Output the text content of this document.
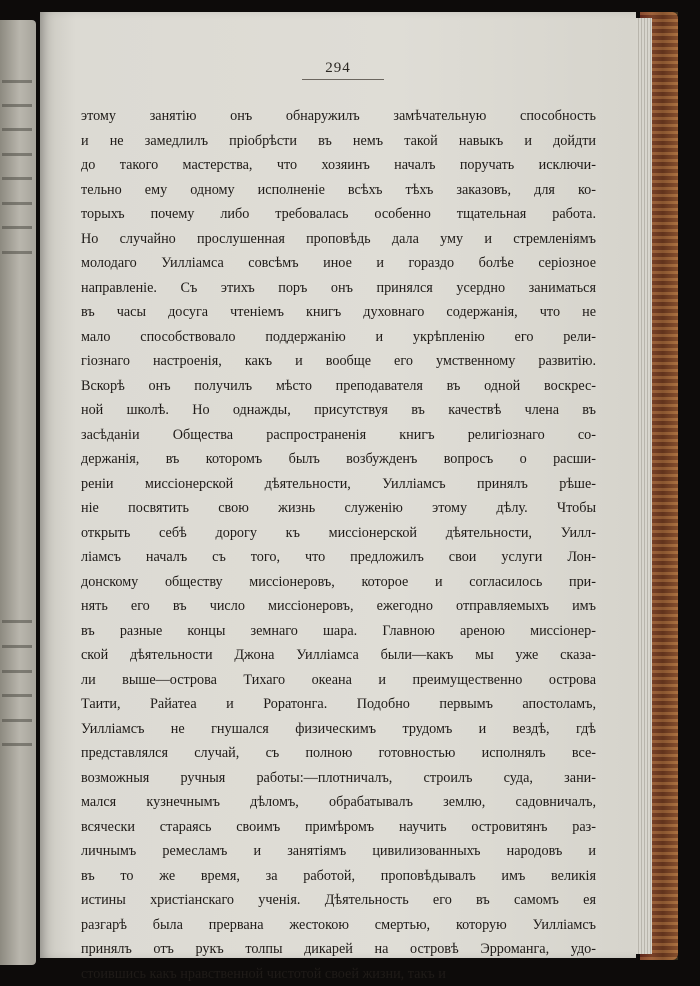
294
этому занятію онъ обнаружилъ замѣчательную способность
и не замедлилъ пріобрѣсти въ немъ такой навыкъ и дойдти
до такого мастерства, что хозяинъ началъ поручать исключи-
тельно ему одному исполненіе всѣхъ тѣхъ заказовъ, для ко-
торыхъ почему либо требовалась особенно тщательная работа.
Но случайно прослушенная проповѣдь дала уму и стремленіямъ
молодаго Уилліамса совсѣмъ иное и гораздо болѣе серіозное
направленіе. Съ этихъ поръ онъ принялся усердно заниматься
въ часы досуга чтеніемъ книгъ духовнаго содержанія, что не
мало способствовало поддержанію и укрѣпленію его рели-
гіознаго настроенія, какъ и вообще его умственному развитію.
Вскорѣ онъ получилъ мѣсто преподавателя въ одной воскрес-
ной школѣ. Но однажды, присутствуя въ качествѣ члена въ
засѣданіи Общества распространенія книгъ религіознаго со-
держанія, въ которомъ былъ возбужденъ вопросъ о расши-
реніи миссіонерской дѣятельности, Уилліамсъ принялъ рѣше-
ніе посвятить свою жизнь служенію этому дѣлу. Чтобы
открыть себѣ дорогу къ миссіонерской дѣятельности, Уилл-
ліамсъ началъ съ того, что предложилъ свои услуги Лон-
донскому обществу миссіонеровъ, которое и согласилось при-
нять его въ число миссіонеровъ, ежегодно отправляемыхъ имъ
въ разные концы земнаго шара. Главною ареною миссіонер-
ской дѣятельности Джона Уилліамса были—какъ мы уже сказа-
ли выше—острова Тихаго океана и преимущественно острова
Таити, Райатеа и Роратонга. Подобно первымъ апостоламъ,
Уилліамсъ не гнушался физическимъ трудомъ и вездѣ, гдѣ
представлялся случай, съ полною готовностью исполнялъ все-
возможныя ручныя работы:—плотничалъ, строилъ суда, зани-
мался кузнечнымъ дѣломъ, обрабатывалъ землю, садовничалъ,
всячески стараясь своимъ примѣромъ научить островитянъ раз-
личнымъ ремесламъ и занятіямъ цивилизованныхъ народовъ и
въ то же время, за работой, проповѣдывалъ имъ великія
истины христіанскаго ученія. Дѣятельность его въ самомъ ея
разгарѣ была прервана жестокою смертью, которую Уилліамсъ
принялъ отъ рукъ толпы дикарей на островѣ Эрроманга, удо-
стоившись какъ нравственной чистотой своей жизни, такъ и
